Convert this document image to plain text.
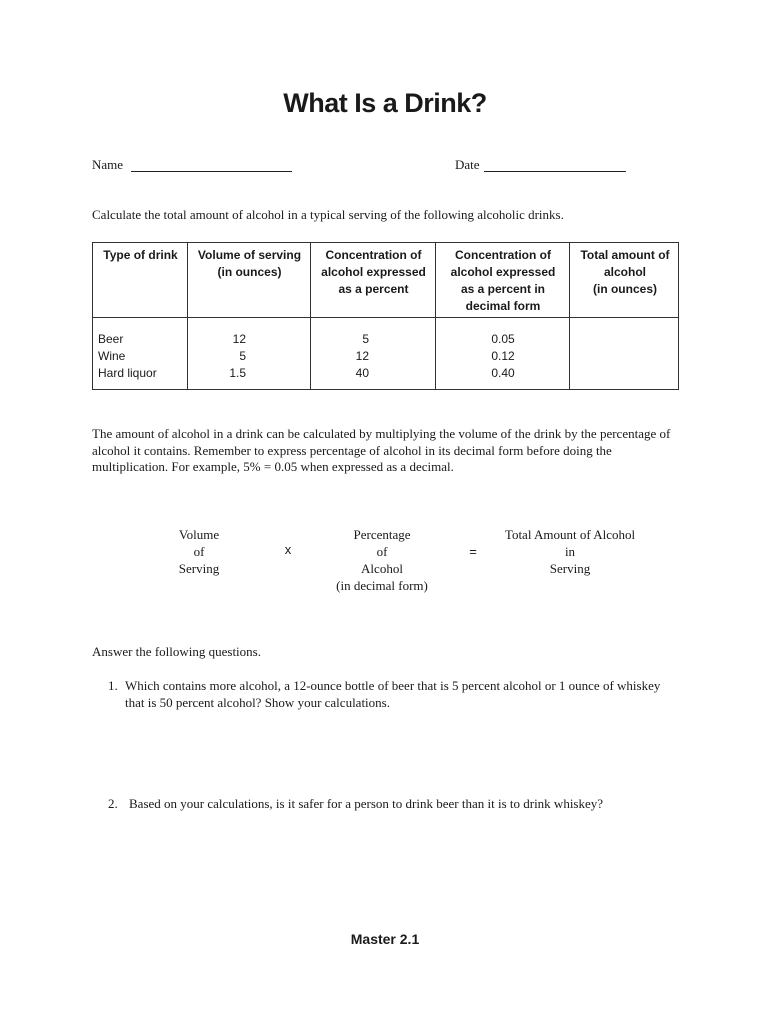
What Is a Drink?
Name	Date
Calculate the total amount of alcohol in a typical serving of the following alcoholic drinks.
Type of drink	Volume of serving
(in ounces)
Concentration of
alcohol expressed
as a percent
Concentration of
alcohol expressed
as a percent in
decimal form
Total amount of
alcohol
(in ounces)
Beer
Wine
Hard liquor
12
5
1.5
5
12
40
0.05
0.12
0.40
The amount of alcohol in a drink can be calculated by multiplying the volume of the drink by the percentage of alcohol it contains. Remember to express percentage of alcohol in its decimal form before doing the multiplication. For example, 5% = 0.05 when expressed as a decimal.
Volume
of
Serving
x
Percentage
of
Alcohol
(in decimal form)
=
Total Amount of Alcohol
in
Serving
Answer the following questions.
1. Which contains more alcohol, a 12-ounce bottle of beer that is 5 percent alcohol or 1 ounce of whiskey that is 50 percent alcohol? Show your calculations.
2. Based on your calculations, is it safer for a person to drink beer than it is to drink whiskey?
Master 2.1
